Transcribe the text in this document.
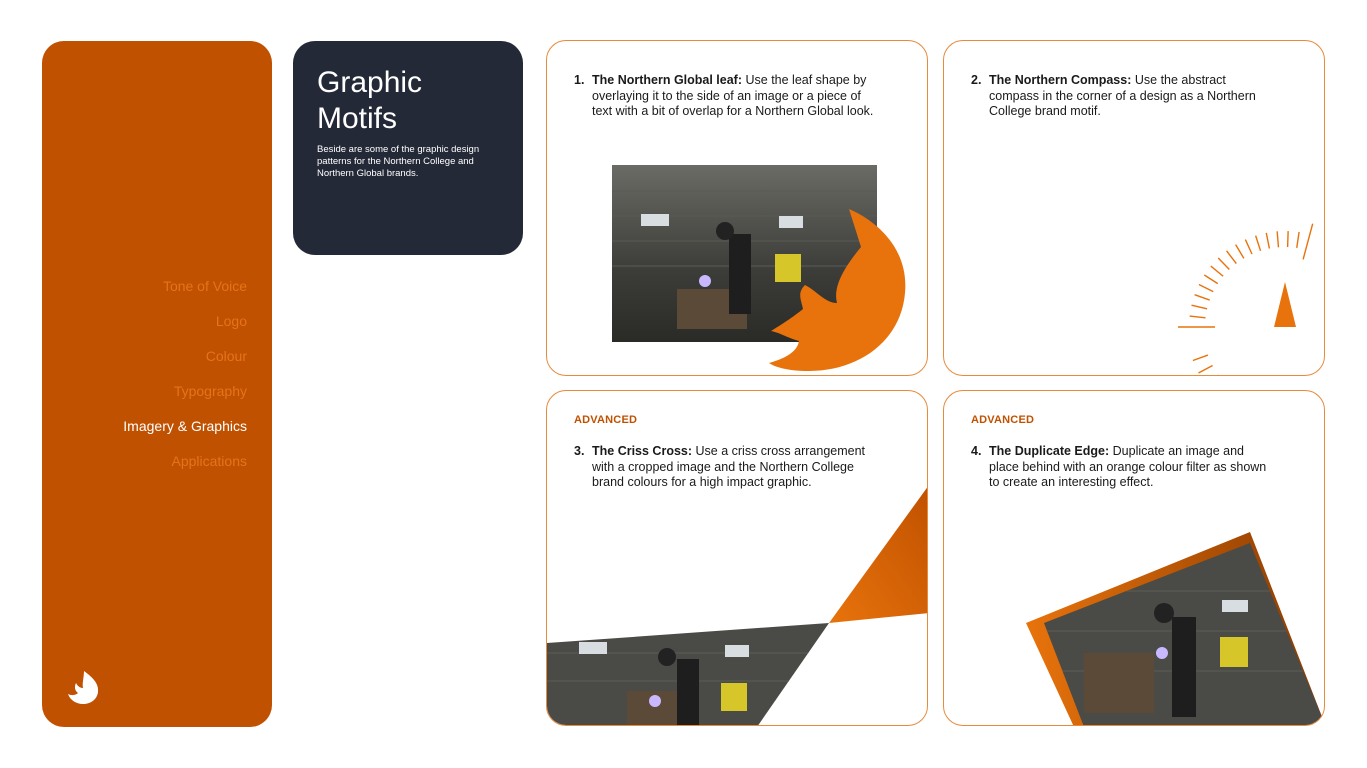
Tone of Voice
Logo
Colour
Typography
Imagery & Graphics
Applications
Graphic
Motifs

Beside are some of the graphic design patterns for the Northern College and Northern Global brands.

1. The Northern Global leaf: Use the leaf shape by overlaying it to the side of an image or a piece of text with a bit of overlap for a Northern Global look.
2. The Northern Compass: Use the abstract compass in the corner of a design as a Northern College brand motif.
ADVANCED
3. The Criss Cross: Use a criss cross arrangement with a cropped image and the Northern College brand colours for a high impact graphic.
ADVANCED
4. The Duplicate Edge: Duplicate an image and place behind with an orange colour filter as shown to create an interesting effect.
